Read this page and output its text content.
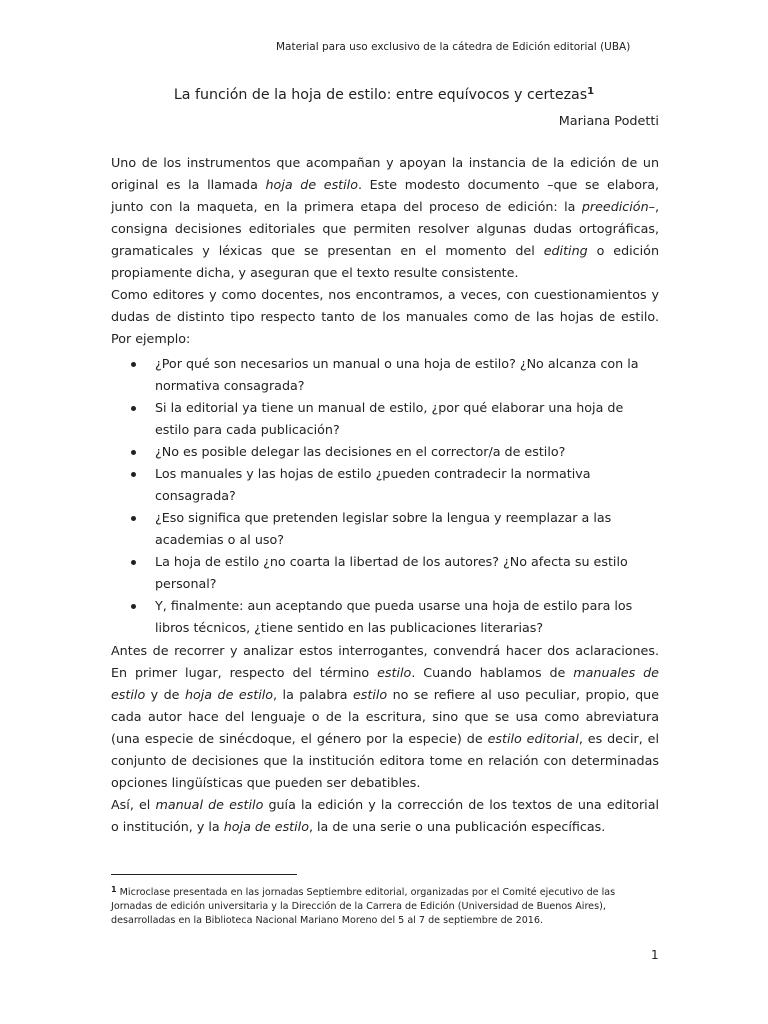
Material para uso exclusivo de la cátedra de Edición editorial (UBA)
La función de la hoja de estilo: entre equívocos y certezas$^1$
Mariana Podetti
Uno de los instrumentos que acompañan y apoyan la instancia de la edición de un
original es la llamada hoja de estilo. Este modesto documento –que se elabora,
junto con la maqueta, en la primera etapa del proceso de edición: la preedición–,
consigna decisiones editoriales que permiten resolver algunas dudas ortográficas,
gramaticales y léxicas que se presentan en el momento del editing o edición
propiamente dicha, y aseguran que el texto resulte consistente.
Como editores y como docentes, nos encontramos, a veces, con cuestionamientos y
dudas de distinto tipo respecto tanto de los manuales como de las hojas de estilo.
Por ejemplo:
¿Por qué son necesarios un manual o una hoja de estilo? ¿No alcanza con la
normativa consagrada?
Si la editorial ya tiene un manual de estilo, ¿por qué elaborar una hoja de
estilo para cada publicación?
¿No es posible delegar las decisiones en el corrector/a de estilo?
Los manuales y las hojas de estilo ¿pueden contradecir la normativa
consagrada?
¿Eso significa que pretenden legislar sobre la lengua y reemplazar a las
academias o al uso?
La hoja de estilo ¿no coarta la libertad de los autores? ¿No afecta su estilo
personal?
Y, finalmente: aun aceptando que pueda usarse una hoja de estilo para los
libros técnicos, ¿tiene sentido en las publicaciones literarias?
Antes de recorrer y analizar estos interrogantes, convendrá hacer dos aclaraciones.
En primer lugar, respecto del término estilo. Cuando hablamos de manuales de
estilo y de hoja de estilo, la palabra estilo no se refiere al uso peculiar, propio, que
cada autor hace del lenguaje o de la escritura, sino que se usa como abreviatura
(una especie de sinécdoque, el género por la especie) de estilo editorial, es decir, el
conjunto de decisiones que la institución editora tome en relación con determinadas
opciones lingüísticas que pueden ser debatibles.
Así, el manual de estilo guía la edición y la corrección de los textos de una editorial
o institución, y la hoja de estilo, la de una serie o una publicación específicas.
$^1$ Microclase presentada en las jornadas Septiembre editorial, organizadas por el Comité ejecutivo de las
Jornadas de edición universitaria y la Dirección de la Carrera de Edición (Universidad de Buenos Aires),
desarrolladas en la Biblioteca Nacional Mariano Moreno del 5 al 7 de septiembre de 2016.
1
